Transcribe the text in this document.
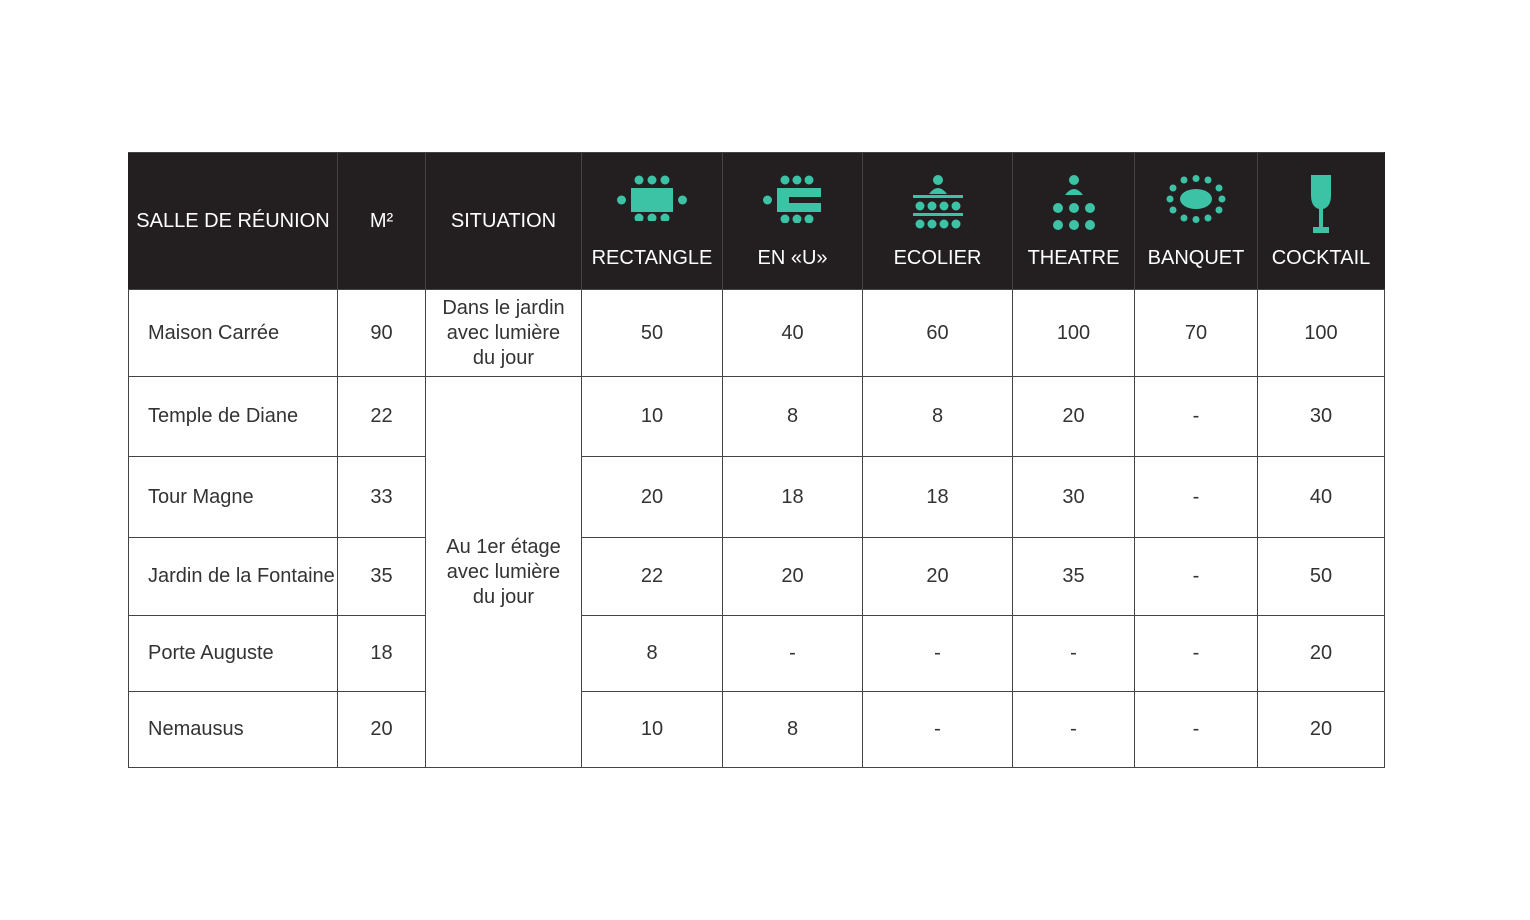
SALLE DE RÉUNION	M²	SITUATION	RECTANGLE	EN «U»	ECOLIER	THEATRE	BANQUET	COCKTAIL

Maison Carrée	90	Dans le jardin
avec lumière
du jour	50	40	60	100	70	100
Temple de Diane	22	Au 1er étage
avec lumière
du jour	10	8	8	20	-	30
Tour Magne	33		20	18	18	30	-	40
Jardin de la Fontaine	35		22	20	20	35	-	50
Porte Auguste	18		8	-	-	-	-	20
Nemausus	20		10	8	-	-	-	20
